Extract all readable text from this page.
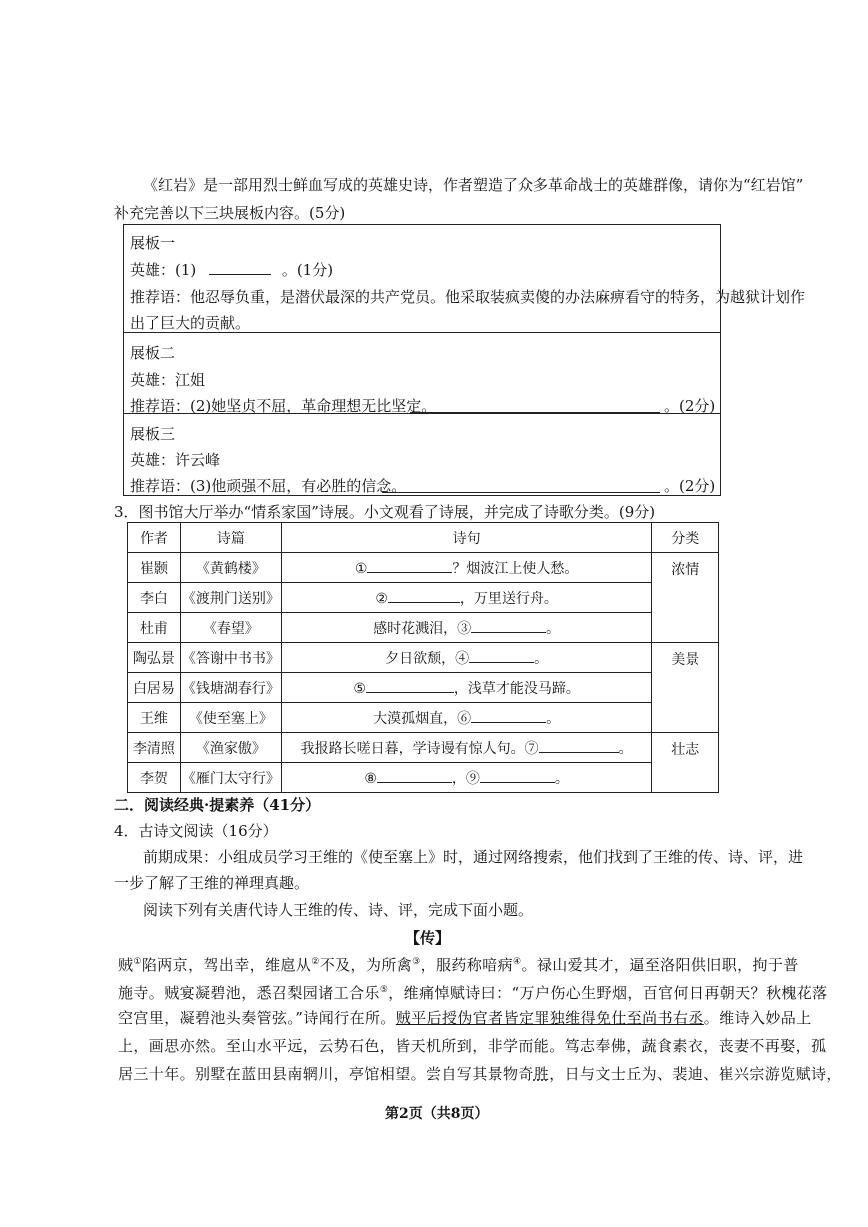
《红岩》是一部用烈士鲜血写成的英雄史诗，作者塑造了众多革命战士的英雄群像，请你为“红岩馆”
补充完善以下三块展板内容。(5分)
展板一
英雄：(1)	。(1分)
推荐语：他忍辱负重，是潜伏最深的共产党员。他采取装疯卖傻的办法麻痹看守的特务，为越狱计划作
出了巨大的贡献。
展板二
英雄：江姐
推荐语：(2)她坚贞不屈，革命理想无比坚定。	。(2分)
展板三
英雄：许云峰
推荐语：(3)他顽强不屈，有必胜的信念。	。(2分)
3．图书馆大厅举办“情系家国”诗展。小文观看了诗展，并完成了诗歌分类。(9分)
作者	诗篇	诗句	分类
崔颢	《黄鹤楼》	① ？烟波江上使人愁。	浓情
李白	《渡荆门送别》	② ，万里送行舟。	
杜甫	《春望》	感时花溅泪，③ 。	
陶弘景	《答谢中书书》	夕日欲颓，④ 。	美景
白居易	《钱塘湖春行》	⑤ ，浅草才能没马蹄。	
王维	《使至塞上》	大漠孤烟直，⑥ 。	
李清照	《渔家傲》	我报路长嗟日暮，学诗谩有惊人句。⑦ 。	壮志
李贺	《雁门太守行》	⑧ ，⑨ 。	
二．阅读经典·提素养（41分）
4．古诗文阅读（16分）
前期成果：小组成员学习王维的《使至塞上》时，通过网络搜索，他们找到了王维的传、诗、评，进
一步了解了王维的禅理真趣。
阅读下列有关唐代诗人王维的传、诗、评，完成下面小题。
【传】
贼①陷两京，驾出幸，维扈从②不及，为所禽③，服药称喑病④。禄山爱其才，逼至洛阳供旧职，拘于普
施寺。贼宴凝碧池，悉召梨园诸工合乐⑤，维痛悼赋诗曰：“万户伤心生野烟，百官何日再朝天？秋槐花落
空宫里，凝碧池头奏管弦。”诗闻行在所。贼平后授伪官者皆定罪独维得免仕至尚书右丞。维诗入妙品上
上，画思亦然。至山水平远，云势石色，皆天机所到，非学而能。笃志奉佛，蔬食素衣，丧妻不再娶，孤
居三十年。别墅在蓝田县南辋川，亭馆相望。尝自写其景物奇胜，日与文士丘为、裴迪、崔兴宗游览赋诗，
第2页（共8页）
